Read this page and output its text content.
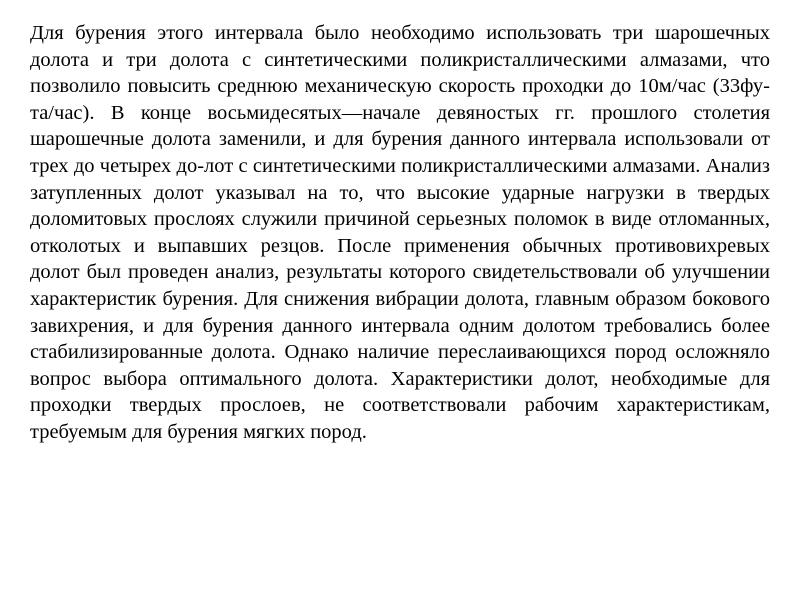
Для бурения этого интервала было необходимо использовать три шарошечных долота и три долота с синтетическими поликристаллическими алмазами, что позволило повысить среднюю механическую скорость проходки до 10м/час (33фу-та/час). В конце восьмидесятых—начале девяностых гг. прошлого столетия шарошечные долота заменили, и для бурения данного интервала использовали от трех до четырех до-лот с синтетическими поликристаллическими алмазами. Анализ затупленных долот указывал на то, что высокие ударные нагрузки в твердых доломитовых прослоях служили причиной серьезных поломок в виде отломанных, отколотых и выпавших резцов. После применения обычных противовихревых долот был проведен анализ, результаты которого свидетельствовали об улучшении характеристик бурения. Для снижения вибрации долота, главным образом бокового завихрения, и для бурения данного интервала одним долотом требовались более стабилизированные долота. Однако наличие переслаивающихся пород осложняло вопрос выбора оптимального долота. Характеристики долот, необходимые для проходки твердых прослоев, не соответствовали рабочим характеристикам, требуемым для бурения мягких пород.
